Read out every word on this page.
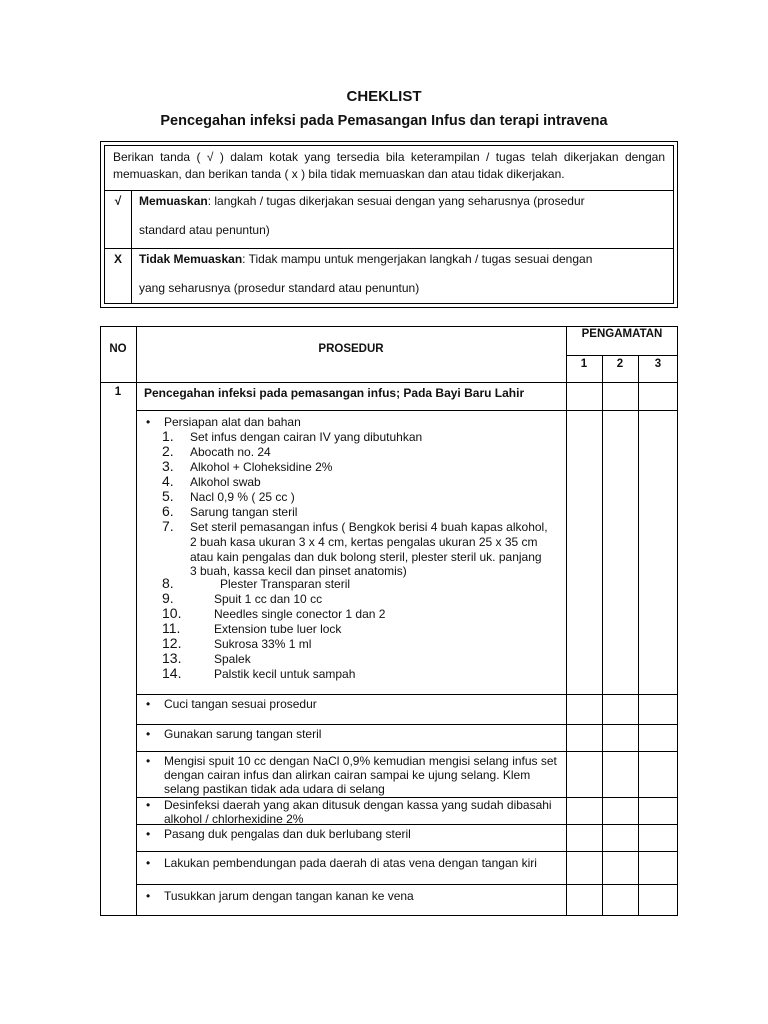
CHEKLIST
Pencegahan infeksi pada Pemasangan Infus dan terapi intravena
Berikan tanda ( √ ) dalam kotak yang tersedia bila keterampilan / tugas telah dikerjakan dengan memuaskan, dan berikan tanda ( x ) bila tidak memuaskan dan atau tidak dikerjakan.
√	Memuaskan: langkah / tugas dikerjakan sesuai dengan yang seharusnya (prosedur
standard atau penuntun)
X	Tidak Memuaskan: Tidak mampu untuk mengerjakan langkah / tugas sesuai dengan
yang seharusnya (prosedur standard atau penuntun)
NO	PROSEDUR
PENGAMATAN
1	2	3
1	Pencegahan infeksi pada pemasangan infus; Pada Bayi Baru Lahir
• Persiapan alat dan bahan
1. Set infus dengan cairan IV yang dibutuhkan
2. Abocath no. 24
3. Alkohol + Cloheksidine 2%
4. Alkohol swab
5. Nacl 0,9 % ( 25 cc )
6. Sarung tangan steril
7. Set steril pemasangan infus ( Bengkok berisi 4 buah kapas alkohol, 2 buah kasa ukuran 3 x 4 cm, kertas pengalas ukuran 25 x 35 cm atau kain pengalas dan duk bolong steril, plester steril uk. panjang 3 buah, kassa kecil dan pinset anatomis)
8.	Plester Transparan steril
9.	Spuit 1 cc dan 10 cc
10.	Needles single conector 1 dan 2
11.	Extension tube luer lock
12.	Sukrosa 33% 1 ml
13.	Spalek
14.	Palstik kecil untuk sampah
• Cuci tangan sesuai prosedur
• Gunakan sarung tangan steril
• Mengisi spuit 10 cc dengan NaCl 0,9% kemudian mengisi selang infus set dengan cairan infus dan alirkan cairan sampai ke ujung selang. Klem selang pastikan tidak ada udara di selang
• Desinfeksi daerah yang akan ditusuk dengan kassa yang sudah dibasahi alkohol / chlorhexidine 2%
• Pasang duk pengalas dan duk berlubang steril
• Lakukan pembendungan pada daerah di atas vena dengan tangan kiri
• Tusukkan jarum dengan tangan kanan ke vena
